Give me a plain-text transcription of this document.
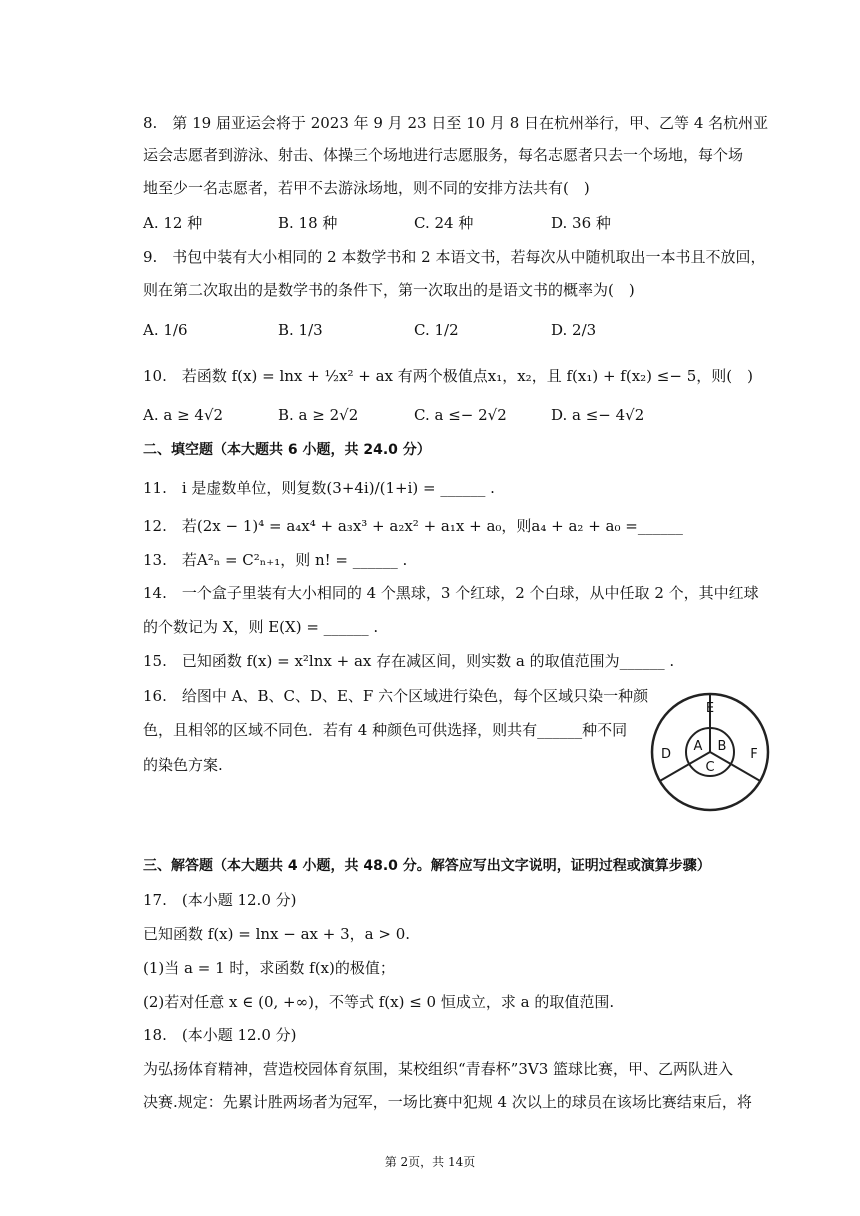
8.　第 19 届亚运会将于 2023 年 9 月 23 日至 10 月 8 日在杭州举行，甲、乙等 4 名杭州亚
运会志愿者到游泳、射击、体操三个场地进行志愿服务，每名志愿者只去一个场地，每个场
地至少一名志愿者，若甲不去游泳场地，则不同的安排方法共有(　)
A. 12 种	B. 18 种	C. 24 种	D. 36 种
9.　书包中装有大小相同的 2 本数学书和 2 本语文书，若每次从中随机取出一本书且不放回，
则在第二次取出的是数学书的条件下，第一次取出的是语文书的概率为(　)
A. 1/6	B. 1/3	C. 1/2	D. 2/3
10.　若函数 f(x) = lnx + ½x² + ax 有两个极值点x₁，x₂，且 f(x₁) + f(x₂) ≤− 5，则(　)
A. a ≥ 4√2	B. a ≥ 2√2	C. a ≤− 2√2	D. a ≤− 4√2
二、填空题（本大题共 6 小题，共 24.0 分）
11.　i 是虚数单位，则复数(3+4i)/(1+i) = ______ .
12.　若(2x − 1)⁴ = a₄x⁴ + a₃x³ + a₂x² + a₁x + a₀，则a₄ + a₂ + a₀ =______
13.　若A²ₙ = C²ₙ₊₁，则 n! = ______ .
14.　一个盒子里装有大小相同的 4 个黑球，3 个红球，2 个白球，从中任取 2 个，其中红球
的个数记为 X，则 E(X) = ______ .
15.　已知函数 f(x) = x²lnx + ax 存在减区间，则实数 a 的取值范围为______ .
16.　给图中 A、B、C、D、E、F 六个区域进行染色，每个区域只染一种颜
色，且相邻的区域不同色．若有 4 种颜色可供选择，则共有______种不同
的染色方案.
A B
C
D
E
F
三、解答题（本大题共 4 小题，共 48.0 分。解答应写出文字说明，证明过程或演算步骤）
17.　(本小题 12.0 分)
已知函数 f(x) = lnx − ax + 3，a > 0.
(1)当 a = 1 时，求函数 f(x)的极值；
(2)若对任意 x ∈ (0, +∞)，不等式 f(x) ≤ 0 恒成立，求 a 的取值范围.
18.　(本小题 12.0 分)
为弘扬体育精神，营造校园体育氛围，某校组织“青春杯”3V3 篮球比赛，甲、乙两队进入
决赛.规定：先累计胜两场者为冠军，一场比赛中犯规 4 次以上的球员在该场比赛结束后，将
第 2页，共 14页
